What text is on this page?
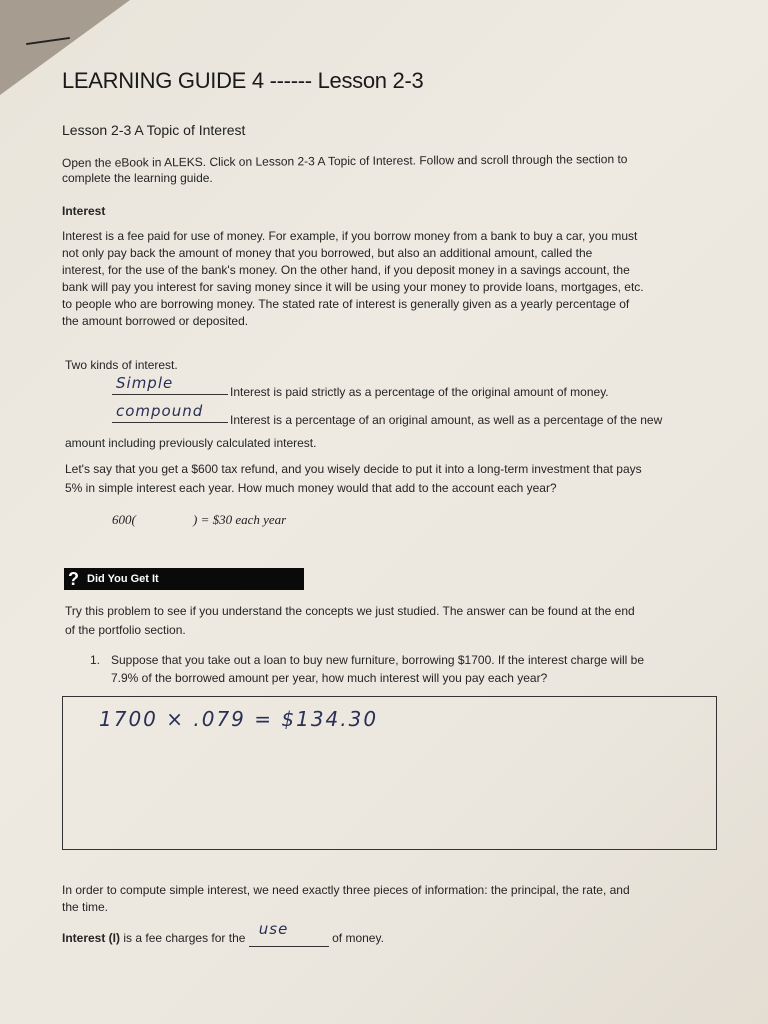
LEARNING GUIDE 4 ------ Lesson 2-3
Lesson 2-3 A Topic of Interest
Open the eBook in ALEKS. Click on Lesson 2-3 A Topic of Interest. Follow and scroll through the section to
complete the learning guide.
Interest
Interest is a fee paid for use of money. For example, if you borrow money from a bank to buy a car, you must
not only pay back the amount of money that you borrowed, but also an additional amount, called the
interest, for the use of the bank's money. On the other hand, if you deposit money in a savings account, the
bank will pay you interest for saving money since it will be using your money to provide loans, mortgages, etc.
to people who are borrowing money. The stated rate of interest is generally given as a yearly percentage of
the amount borrowed or deposited.
Two kinds of interest.
Simple	Interest is paid strictly as a percentage of the original amount of money.
compound Interest is a percentage of an original amount, as well as a percentage of the new
amount including previously calculated interest.
Let's say that you get a $600 tax refund, and you wisely decide to put it into a long-term investment that pays
5% in simple interest each year. How much money would that add to the account each year?
600(	) = $30 each year
? Did You Get It
Try this problem to see if you understand the concepts we just studied. The answer can be found at the end
of the portfolio section.
1. Suppose that you take out a loan to buy new furniture, borrowing $1700. If the interest charge will be
7.9% of the borrowed amount per year, how much interest will you pay each year?
1700 × .079 = $134.30
In order to compute simple interest, we need exactly three pieces of information: the principal, the rate, and
the time.
Interest (I) is a fee charges for the use	of money.
